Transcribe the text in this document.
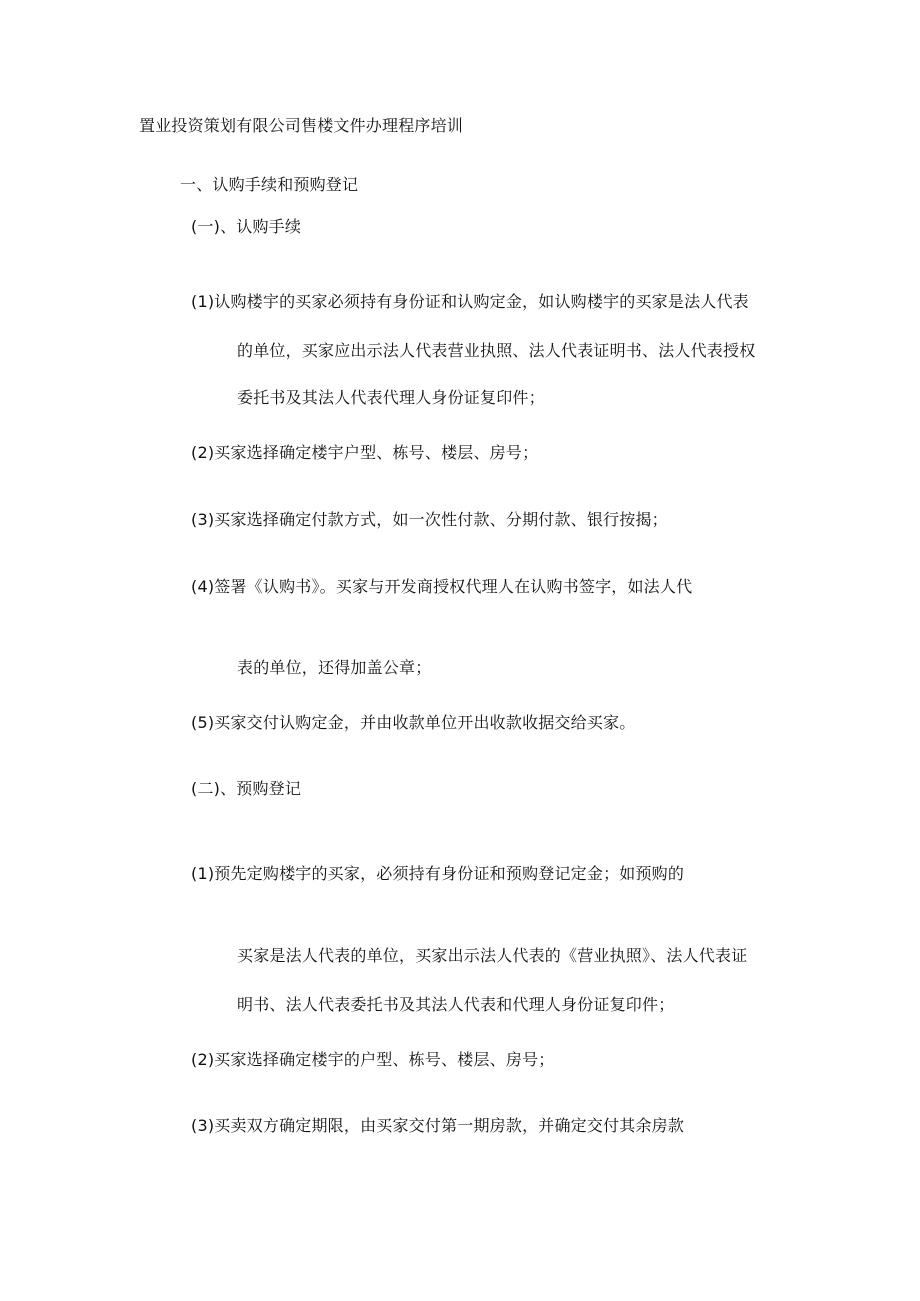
置业投资策划有限公司售楼文件办理程序培训
一、认购手续和预购登记
(一)、认购手续
(1)认购楼宇的买家必须持有身份证和认购定金，如认购楼宇的买家是法人代表
的单位，买家应出示法人代表营业执照、法人代表证明书、法人代表授权
委托书及其法人代表代理人身份证复印件；
(2)买家选择确定楼宇户型、栋号、楼层、房号；
(3)买家选择确定付款方式，如一次性付款、分期付款、银行按揭；
(4)签署《认购书》。买家与开发商授权代理人在认购书签字，如法人代
表的单位，还得加盖公章；
(5)买家交付认购定金，并由收款单位开出收款收据交给买家。
(二)、预购登记
(1)预先定购楼宇的买家，必须持有身份证和预购登记定金；如预购的
买家是法人代表的单位，买家出示法人代表的《营业执照》、法人代表证
明书、法人代表委托书及其法人代表和代理人身份证复印件；
(2)买家选择确定楼宇的户型、栋号、楼层、房号；
(3)买卖双方确定期限，由买家交付第一期房款，并确定交付其余房款
